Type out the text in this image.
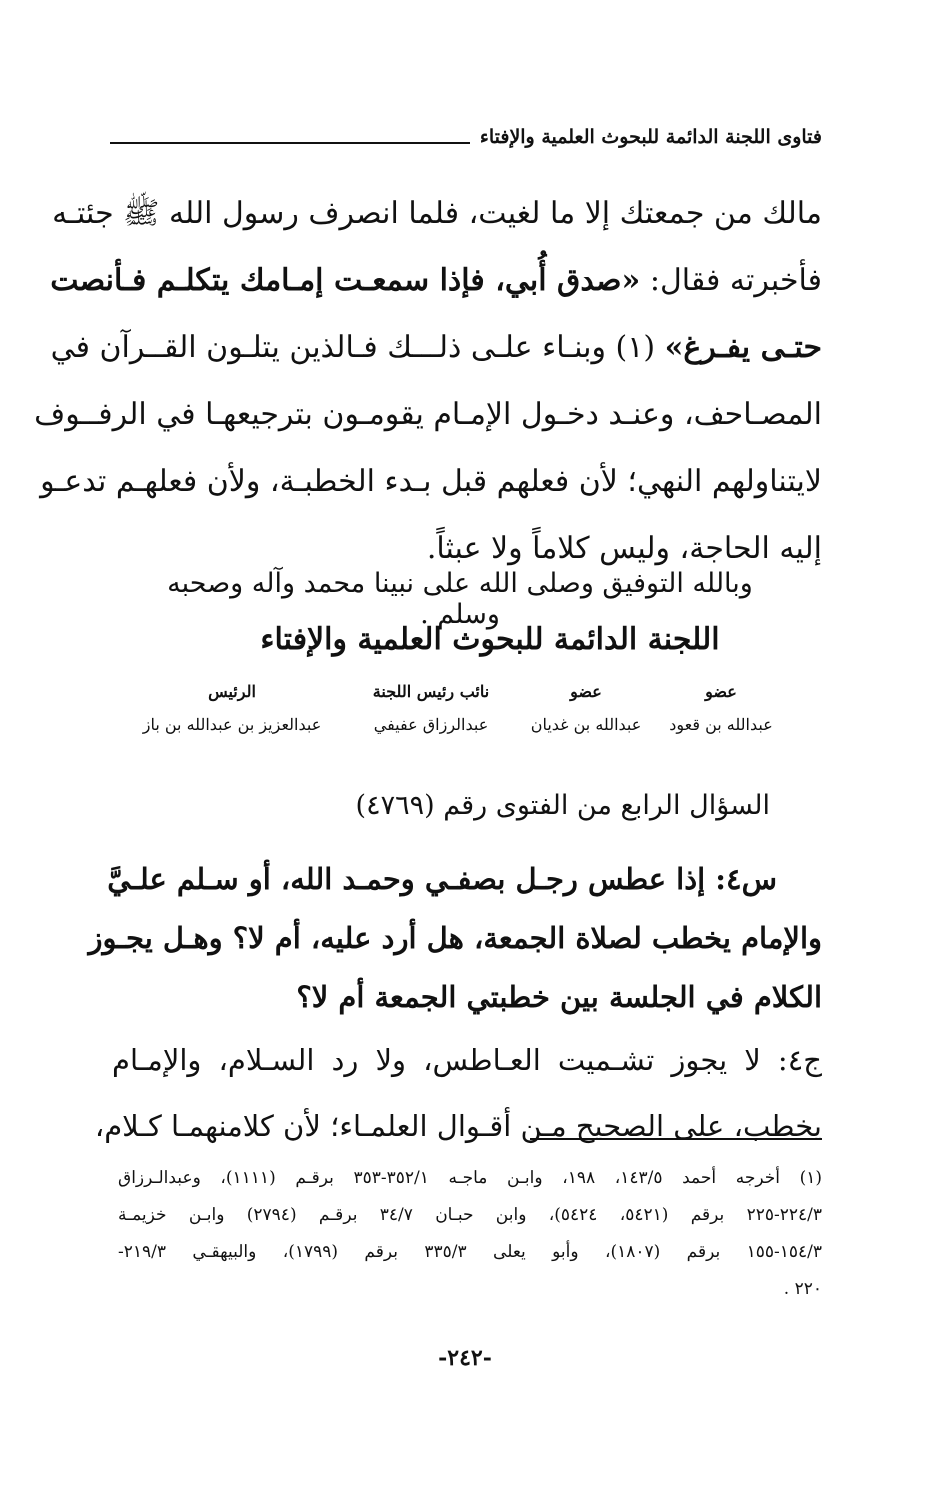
فتاوى اللجنة الدائمة للبحوث العلمية والإفتاء
مالك من جمعتك إلا ما لغيت، فلما انصرف رسول الله ﷺ جئتـه
فأخبرته فقال: «صدق أُبي، فإذا سمعـت إمـامك يتكلـم فـأنصت
حتـى يفـرغ» (١) وبنـاء علـى ذلـــك فـالذين يتلـون القــرآن في
المصـاحف، وعنـد دخـول الإمـام يقومـون بترجيعهـا في الرفــوف
لايتناولهم النهي؛ لأن فعلهم قبل بـدء الخطبـة، ولأن فعلهـم تدعـو
إليه الحاجة، وليس كلاماً ولا عبثاً.
وبالله التوفيق وصلى الله على نبينا محمد وآله وصحبه وسلم .
اللجنة الدائمة للبحوث العلمية والإفتاء
عضو
عضو
نائب رئيس اللجنة
الرئيس
عبدالله بن قعود
عبدالله بن غديان
عبدالرزاق عفيفي
عبدالعزيز بن عبدالله بن باز
السؤال الرابع من الفتوى رقم (٤٧٦٩)
س٤: إذا عطس رجـل بصفـي وحمـد الله، أو سـلم علـيَّ
والإمام يخطب لصلاة الجمعة، هل أرد عليه، أم لا؟ وهـل يجـوز
الكلام في الجلسة بين خطبتي الجمعة أم لا؟
ج٤: لا يجوز تشـميت العـاطس، ولا رد السـلام، والإمـام
يخطب، على الصحيح مـن أقـوال العلمـاء؛ لأن كلامنهمـا كـلام،
(١) أخرجه أحمد ١٤٣/٥، ١٩٨، وابـن ماجـه ٣٥٢/١-٣٥٣ برقـم (١١١١)، وعبدالـرزاق
٢٢٤/٣-٢٢٥ برقم (٥٤٢١، ٥٤٢٤)، وابن حبـان ٣٤/٧ برقـم (٢٧٩٤) وابـن خزيمـة
١٥٤/٣-١٥٥ برقم (١٨٠٧)، وأبو يعلى ٣٣٥/٣ برقم (١٧٩٩)، والبيهقـي ٢١٩/٣-
٢٢٠ .
-٢٤٢-
